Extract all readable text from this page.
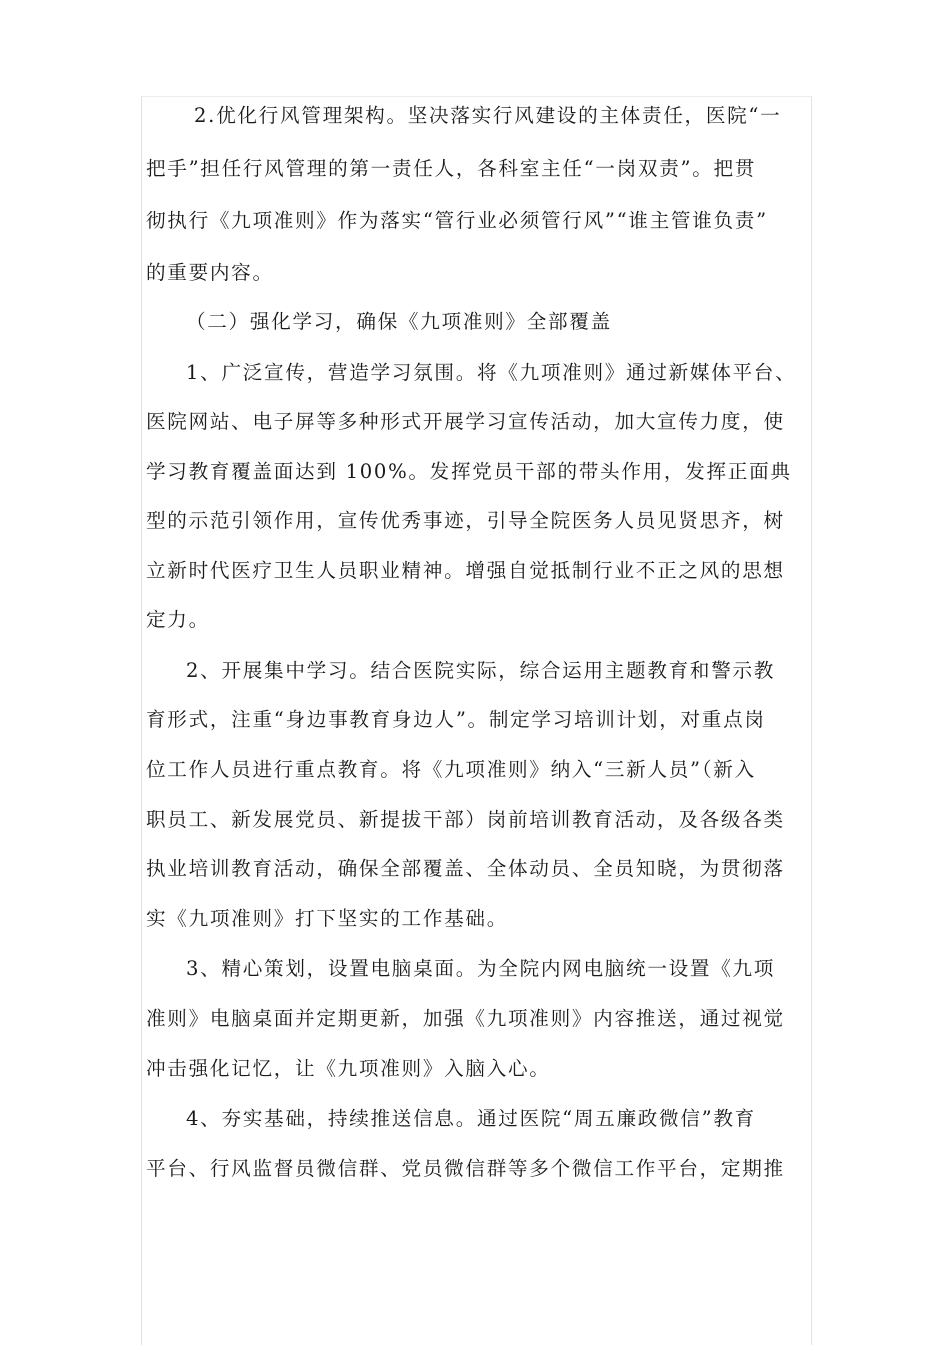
2.优化行风管理架构。坚决落实行风建设的主体责任，医院“一
把手”担任行风管理的第一责任人，各科室主任“一岗双责”。把贯
彻执行《九项准则》作为落实“管行业必须管行风”“谁主管谁负责”
的重要内容。
（二）强化学习，确保《九项准则》全部覆盖
1、广泛宣传，营造学习氛围。将《九项准则》通过新媒体平台、
医院网站、电子屏等多种形式开展学习宣传活动，加大宣传力度，使
学习教育覆盖面达到 100%。发挥党员干部的带头作用，发挥正面典
型的示范引领作用，宣传优秀事迹，引导全院医务人员见贤思齐，树
立新时代医疗卫生人员职业精神。增强自觉抵制行业不正之风的思想
定力。
2、开展集中学习。结合医院实际，综合运用主题教育和警示教
育形式，注重“身边事教育身边人”。制定学习培训计划，对重点岗
位工作人员进行重点教育。将《九项准则》纳入“三新人员”（新入
职员工、新发展党员、新提拔干部）岗前培训教育活动，及各级各类
执业培训教育活动，确保全部覆盖、全体动员、全员知晓，为贯彻落
实《九项准则》打下坚实的工作基础。
3、精心策划，设置电脑桌面。为全院内网电脑统一设置《九项
准则》电脑桌面并定期更新，加强《九项准则》内容推送，通过视觉
冲击强化记忆，让《九项准则》入脑入心。
4、夯实基础，持续推送信息。通过医院“周五廉政微信”教育
平台、行风监督员微信群、党员微信群等多个微信工作平台，定期推
